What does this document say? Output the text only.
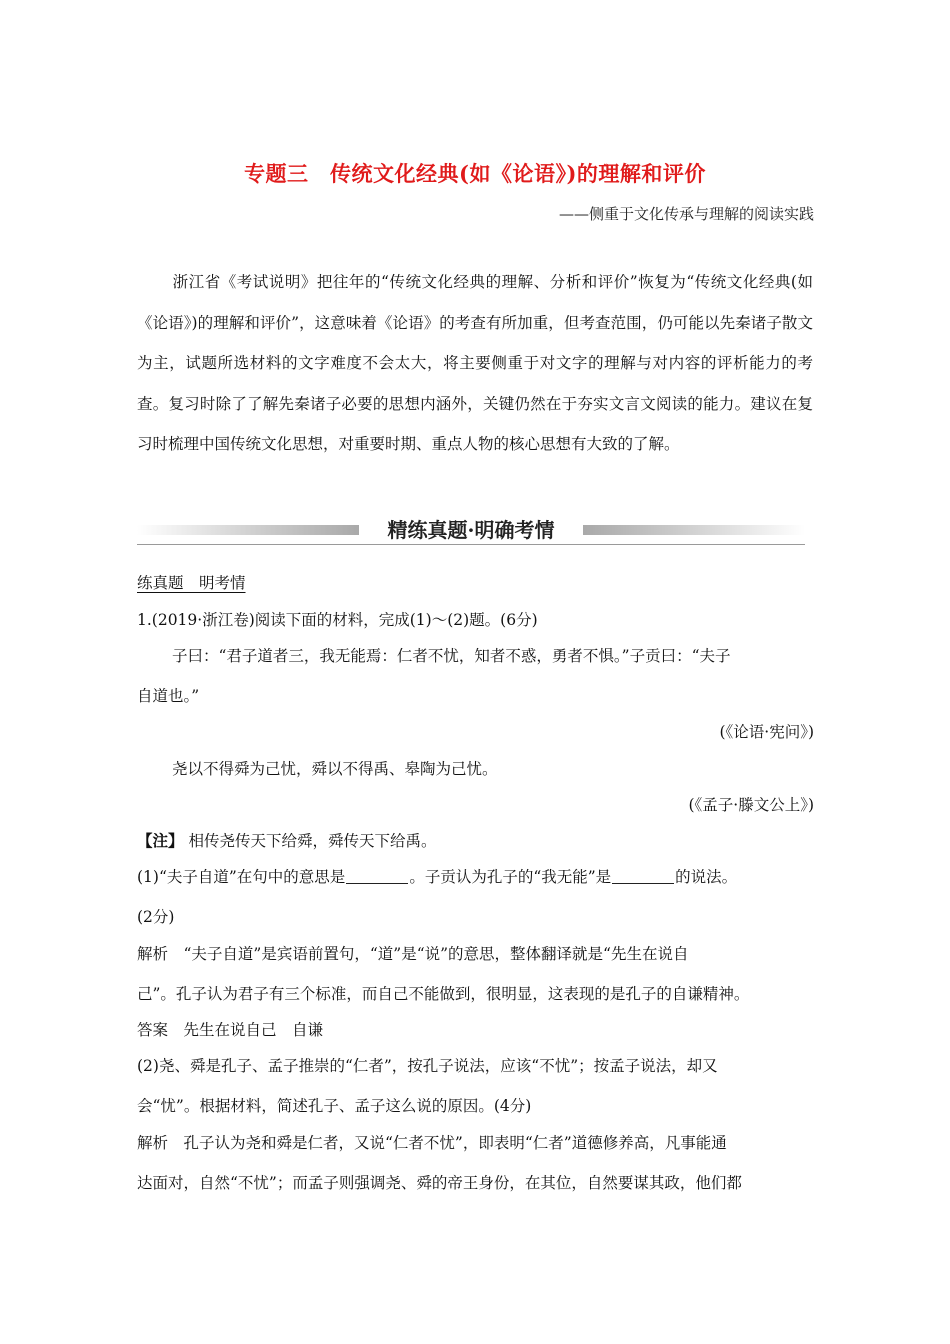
专题三　传统文化经典(如《论语》)的理解和评价
——侧重于文化传承与理解的阅读实践

浙江省《考试说明》把往年的“传统文化经典的理解、分析和评价”恢复为“传统文化经典(如《论语》)的理解和评价”，这意味着《论语》的考查有所加重，但考查范围，仍可能以先秦诸子散文为主，试题所选材料的文字难度不会太大，将主要侧重于对文字的理解与对内容的评析能力的考查。复习时除了了解先秦诸子必要的思想内涵外，关键仍然在于夯实文言文阅读的能力。建议在复习时梳理中国传统文化思想，对重要时期、重点人物的核心思想有大致的了解。

精练真题·明确考情
练真题　明考情
1.(2019·浙江卷)阅读下面的材料，完成(1)～(2)题。(6分)
子曰：“君子道者三，我无能焉：仁者不忧，知者不惑，勇者不惧。”子贡曰：“夫子
自道也。”
(《论语·宪问》)
尧以不得舜为己忧，舜以不得禹、皋陶为己忧。
(《孟子·滕文公上》)
【注】 相传尧传天下给舜，舜传天下给禹。
(1)“夫子自道”在句中的意思是	。子贡认为孔子的“我无能”是	的说法。
(2分)
解析　“夫子自道”是宾语前置句，“道”是“说”的意思，整体翻译就是“先生在说自
己”。孔子认为君子有三个标准，而自己不能做到，很明显，这表现的是孔子的自谦精神。
答案　先生在说自己　自谦
(2)尧、舜是孔子、孟子推崇的“仁者”，按孔子说法，应该“不忧”；按孟子说法，却又
会“忧”。根据材料，简述孔子、孟子这么说的原因。(4分)
解析　孔子认为尧和舜是仁者，又说“仁者不忧”，即表明“仁者”道德修养高，凡事能通
达面对，自然“不忧”；而孟子则强调尧、舜的帝王身份，在其位，自然要谋其政，他们都
